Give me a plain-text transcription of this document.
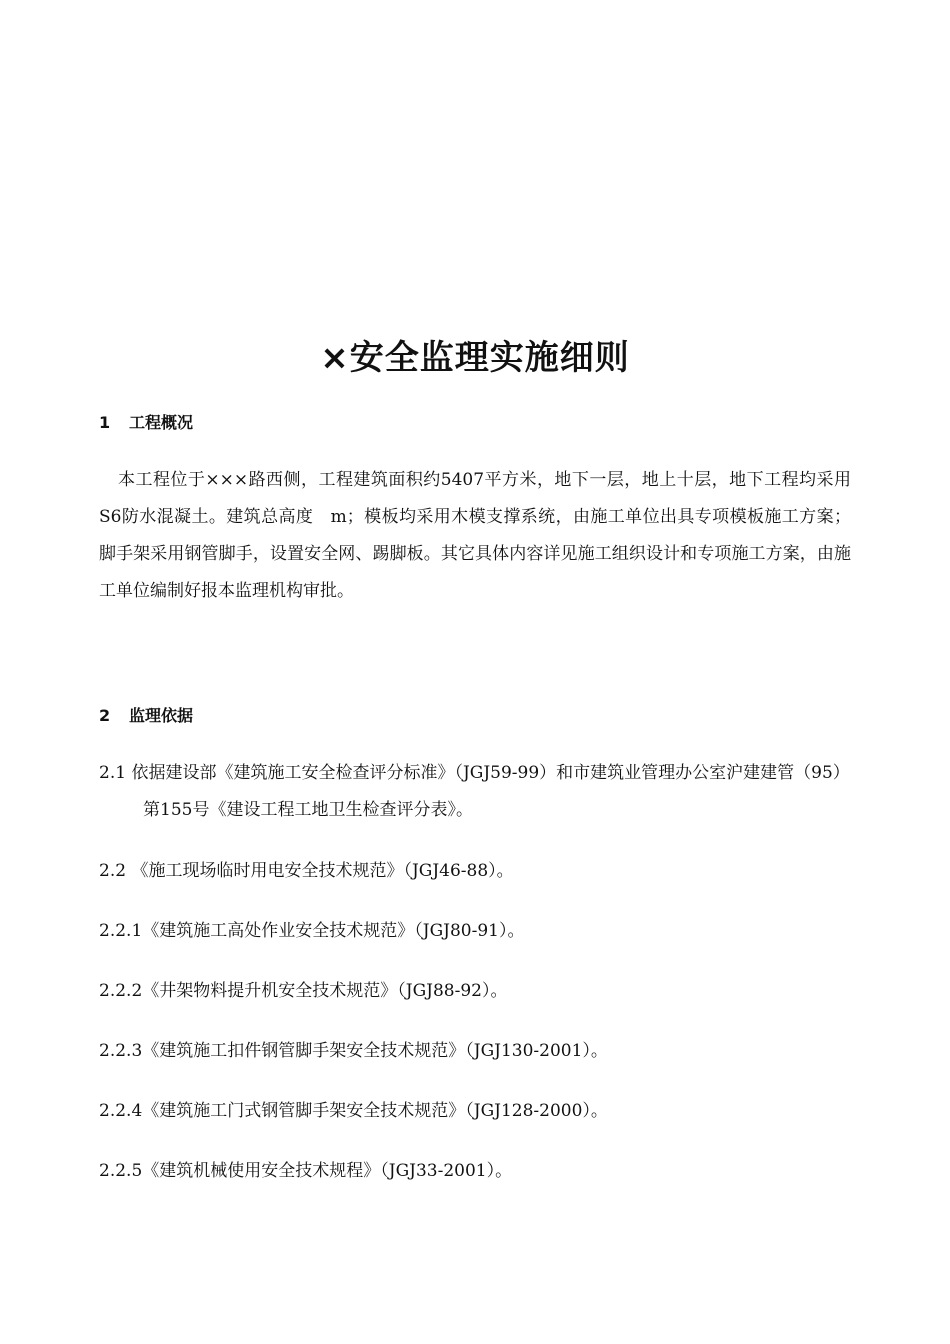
×安全监理实施细则
1 工程概况

本工程位于×××路西侧，工程建筑面积约5407平方米，地下一层，地上十层，地下工程均采用S6防水混凝土。建筑总高度　m；模板均采用木模支撑系统，由施工单位出具专项模板施工方案；脚手架采用钢管脚手，设置安全网、踢脚板。其它具体内容详见施工组织设计和专项施工方案，由施工单位编制好报本监理机构审批。

2 监理依据

2.1 依据建设部《建筑施工安全检查评分标准》（JGJ59-99）和市建筑业管理办公室沪建建管（95）第155号《建设工程工地卫生检查评分表》。

2.2 《施工现场临时用电安全技术规范》（JGJ46-88）。

2.2.1《建筑施工高处作业安全技术规范》（JGJ80-91）。

2.2.2《井架物料提升机安全技术规范》（JGJ88-92）。

2.2.3《建筑施工扣件钢管脚手架安全技术规范》（JGJ130-2001）。

2.2.4《建筑施工门式钢管脚手架安全技术规范》（JGJ128-2000）。

2.2.5《建筑机械使用安全技术规程》（JGJ33-2001）。
